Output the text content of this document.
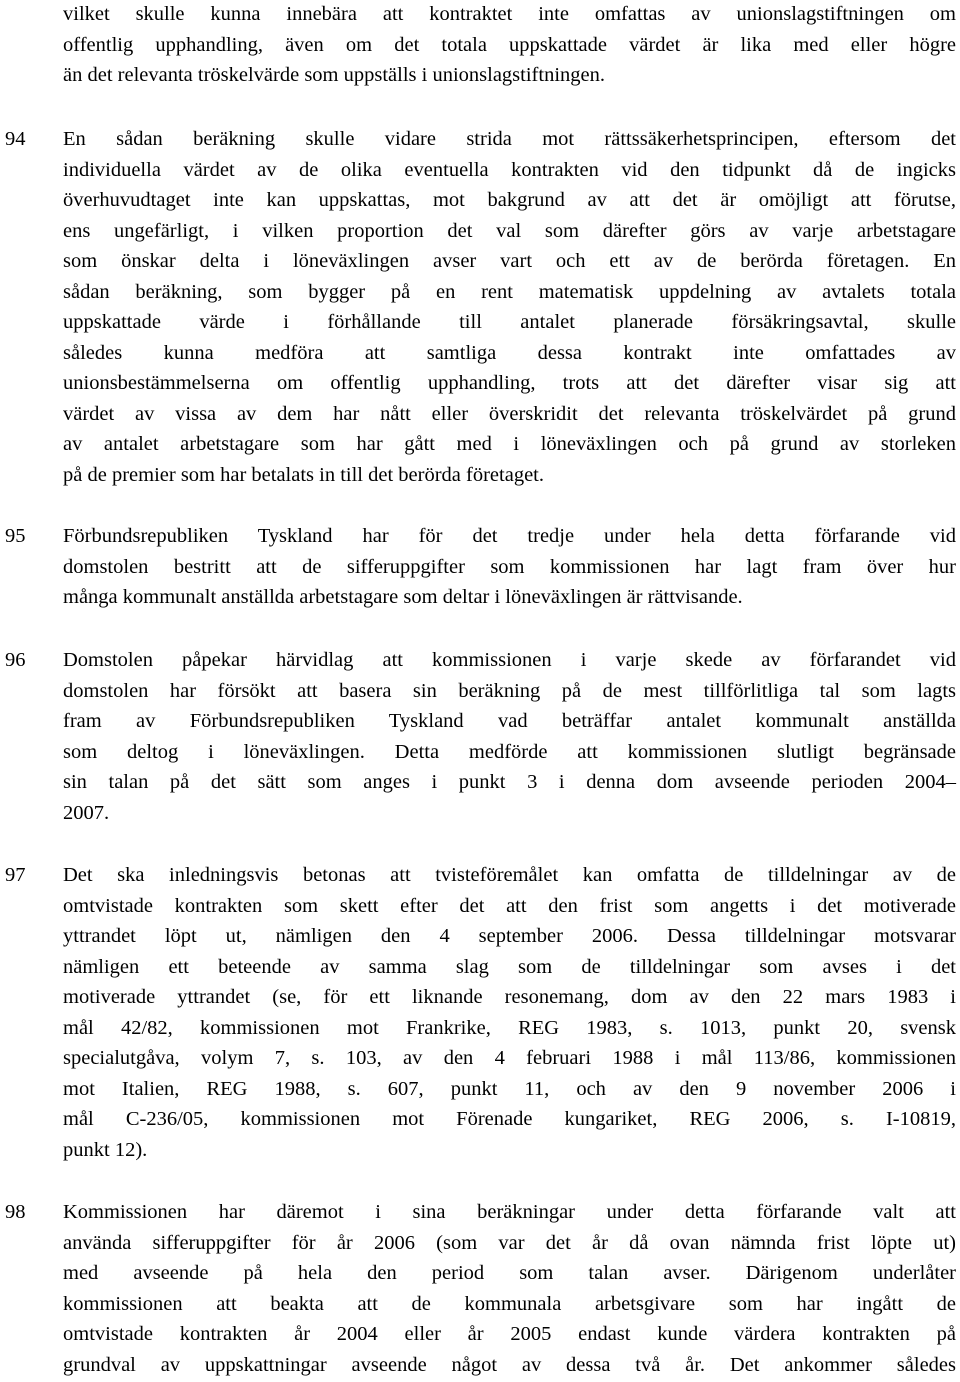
vilket skulle kunna innebära att kontraktet inte omfattas av unionslagstiftningen om
offentlig upphandling, även om det totala uppskattade värdet är lika med eller högre
än det relevanta tröskelvärde som uppställs i unionslagstiftningen.
94 En sådan beräkning skulle vidare strida mot rättssäkerhetsprincipen, eftersom det
individuella värdet av de olika eventuella kontrakten vid den tidpunkt då de ingicks
överhuvudtaget inte kan uppskattas, mot bakgrund av att det är omöjligt att förutse,
ens ungefärligt, i vilken proportion det val som därefter görs av varje arbetstagare
som önskar delta i löneväxlingen avser vart och ett av de berörda företagen. En
sådan beräkning, som bygger på en rent matematisk uppdelning av avtalets totala
uppskattade värde i förhållande till antalet planerade försäkringsavtal, skulle
således kunna medföra att samtliga dessa kontrakt inte omfattades av
unionsbestämmelserna om offentlig upphandling, trots att det därefter visar sig att
värdet av vissa av dem har nått eller överskridit det relevanta tröskelvärdet på grund
av antalet arbetstagare som har gått med i löneväxlingen och på grund av storleken
på de premier som har betalats in till det berörda företaget.
95 Förbundsrepubliken Tyskland har för det tredje under hela detta förfarande vid
domstolen bestritt att de sifferuppgifter som kommissionen har lagt fram över hur
många kommunalt anställda arbetstagare som deltar i löneväxlingen är rättvisande.
96 Domstolen påpekar härvidlag att kommissionen i varje skede av förfarandet vid
domstolen har försökt att basera sin beräkning på de mest tillförlitliga tal som lagts
fram av Förbundsrepubliken Tyskland vad beträffar antalet kommunalt anställda
som deltog i löneväxlingen. Detta medförde att kommissionen slutligt begränsade
sin talan på det sätt som anges i punkt 3 i denna dom avseende perioden 2004–
2007.
97 Det ska inledningsvis betonas att tvisteföremålet kan omfatta de tilldelningar av de
omtvistade kontrakten som skett efter det att den frist som angetts i det motiverade
yttrandet löpt ut, nämligen den 4 september 2006. Dessa tilldelningar motsvarar
nämligen ett beteende av samma slag som de tilldelningar som avses i det
motiverade yttrandet (se, för ett liknande resonemang, dom av den 22 mars 1983 i
mål 42/82, kommissionen mot Frankrike, REG 1983, s. 1013, punkt 20, svensk
specialutgåva, volym 7, s. 103, av den 4 februari 1988 i mål 113/86, kommissionen
mot Italien, REG 1988, s. 607, punkt 11, och av den 9 november 2006 i
mål C-236/05, kommissionen mot Förenade kungariket, REG 2006, s. I-10819,
punkt 12).
98 Kommissionen har däremot i sina beräkningar under detta förfarande valt att
använda sifferuppgifter för år 2006 (som var det år då ovan nämnda frist löpte ut)
med avseende på hela den period som talan avser. Därigenom underlåter
kommissionen att beakta att de kommunala arbetsgivare som har ingått de
omtvistade kontrakten år 2004 eller år 2005 endast kunde värdera kontrakten på
grundval av uppskattningar avseende något av dessa två år. Det ankommer således
